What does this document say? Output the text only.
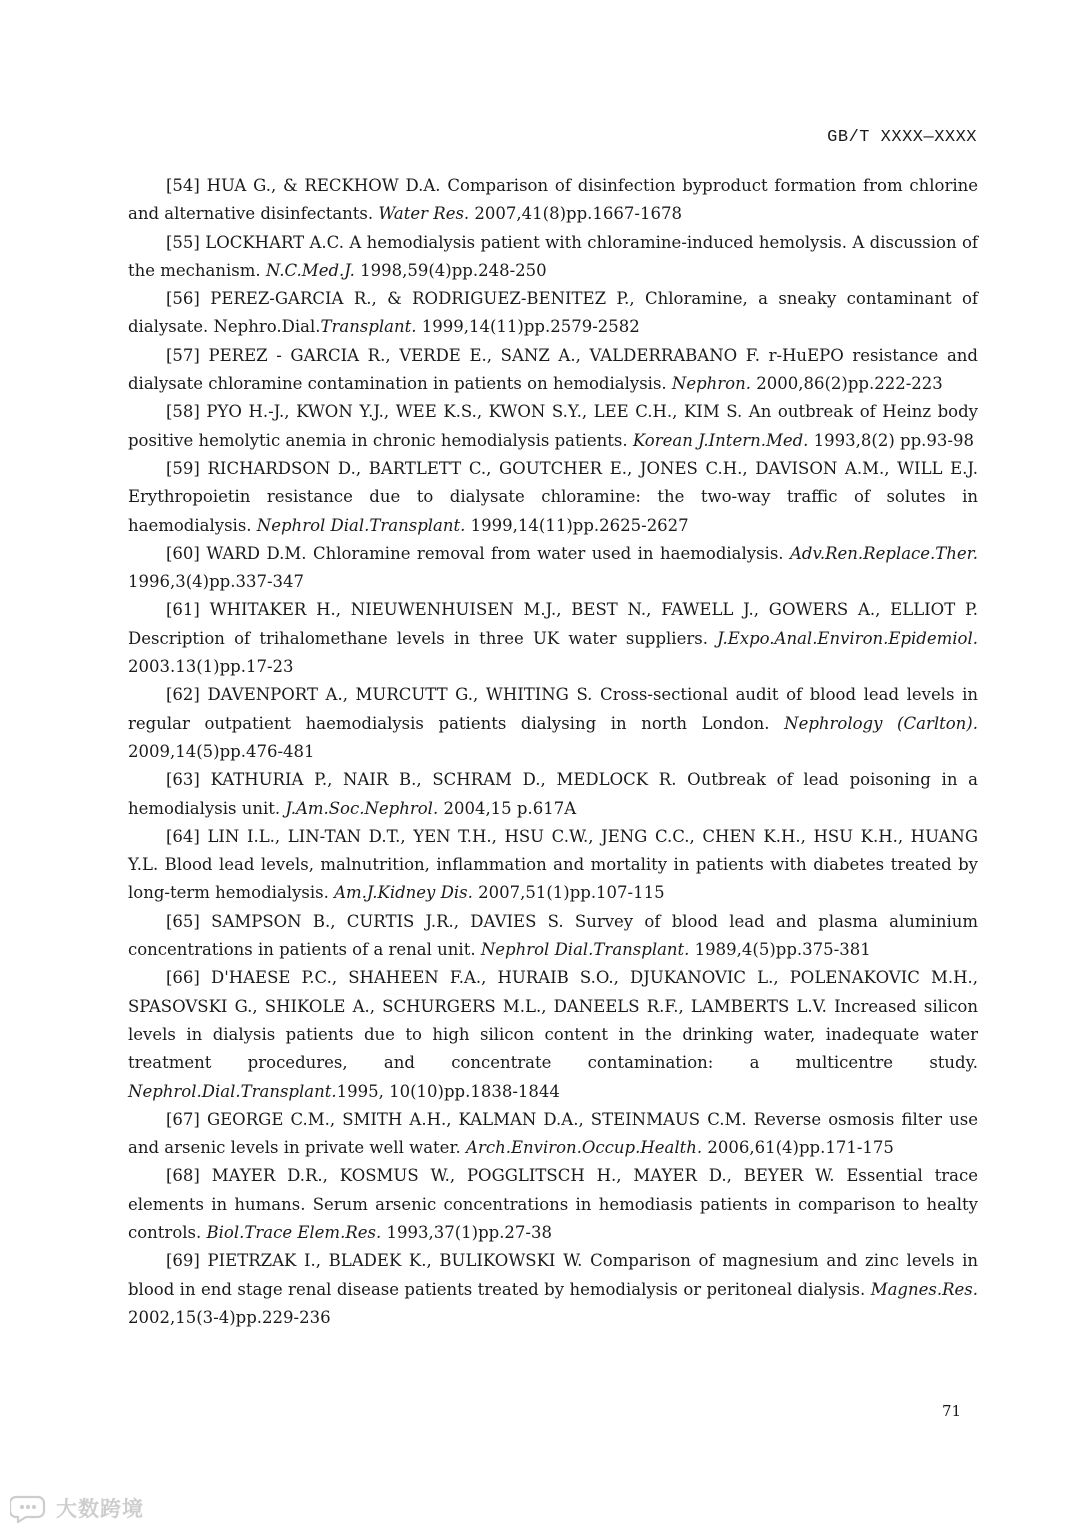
GB/T XXXX—XXXX

[54] HUA G., & RECKHOW D.A. Comparison of disinfection byproduct formation from chlorine and alternative disinfectants. Water Res. 2007,41(8)pp.1667-1678

[55] LOCKHART A.C. A hemodialysis patient with chloramine-induced hemolysis. A discussion of the mechanism. N.C.Med.J. 1998,59(4)pp.248-250

[56] PEREZ-GARCIA R., & RODRIGUEZ-BENITEZ P., Chloramine, a sneaky contaminant of dialysate. Nephro.Dial.Transplant. 1999,14(11)pp.2579-2582

[57] PEREZ - GARCIA R., VERDE E., SANZ A., VALDERRABANO F. r-HuEPO resistance and dialysate chloramine contamination in patients on hemodialysis. Nephron. 2000,86(2)pp.222-223

[58] PYO H.-J., KWON Y.J., WEE K.S., KWON S.Y., LEE C.H., KIM S. An outbreak of Heinz body positive hemolytic anemia in chronic hemodialysis patients. Korean J.Intern.Med. 1993,8(2) pp.93-98

[59] RICHARDSON D., BARTLETT C., GOUTCHER E., JONES C.H., DAVISON A.M., WILL E.J. Erythropoietin resistance due to dialysate chloramine: the two-way traffic of solutes in haemodialysis. Nephrol Dial.Transplant. 1999,14(11)pp.2625-2627

[60] WARD D.M. Chloramine removal from water used in haemodialysis. Adv.Ren.Replace.Ther. 1996,3(4)pp.337-347

[61] WHITAKER H., NIEUWENHUISEN M.J., BEST N., FAWELL J., GOWERS A., ELLIOT P. Description of trihalomethane levels in three UK water suppliers. J.Expo.Anal.Environ.Epidemiol. 2003.13(1)pp.17-23

[62] DAVENPORT A., MURCUTT G., WHITING S. Cross-sectional audit of blood lead levels in regular outpatient haemodialysis patients dialysing in north London. Nephrology (Carlton). 2009,14(5)pp.476-481

[63] KATHURIA P., NAIR B., SCHRAM D., MEDLOCK R. Outbreak of lead poisoning in a hemodialysis unit. J.Am.Soc.Nephrol. 2004,15 p.617A

[64] LIN I.L., LIN-TAN D.T., YEN T.H., HSU C.W., JENG C.C., CHEN K.H., HSU K.H., HUANG Y.L. Blood lead levels, malnutrition, inflammation and mortality in patients with diabetes treated by long-term hemodialysis. Am.J.Kidney Dis. 2007,51(1)pp.107-115

[65] SAMPSON B., CURTIS J.R., DAVIES S. Survey of blood lead and plasma aluminium concentrations in patients of a renal unit. Nephrol Dial.Transplant. 1989,4(5)pp.375-381

[66] D'HAESE P.C., SHAHEEN F.A., HURAIB S.O., DJUKANOVIC L., POLENAKOVIC M.H., SPASOVSKI G., SHIKOLE A., SCHURGERS M.L., DANEELS R.F., LAMBERTS L.V. Increased silicon levels in dialysis patients due to high silicon content in the drinking water, inadequate water treatment procedures, and concentrate contamination: a multicentre study. Nephrol.Dial.Transplant.1995, 10(10)pp.1838-1844

[67] GEORGE C.M., SMITH A.H., KALMAN D.A., STEINMAUS C.M. Reverse osmosis filter use and arsenic levels in private well water. Arch.Environ.Occup.Health. 2006,61(4)pp.171-175

[68] MAYER D.R., KOSMUS W., POGGLITSCH H., MAYER D., BEYER W. Essential trace elements in humans. Serum arsenic concentrations in hemodiasis patients in comparison to healty controls. Biol.Trace Elem.Res. 1993,37(1)pp.27-38

[69] PIETRZAK I., BLADEK K., BULIKOWSKI W. Comparison of magnesium and zinc levels in blood in end stage renal disease patients treated by hemodialysis or peritoneal dialysis. Magnes.Res. 2002,15(3-4)pp.229-236

71
大数跨境
